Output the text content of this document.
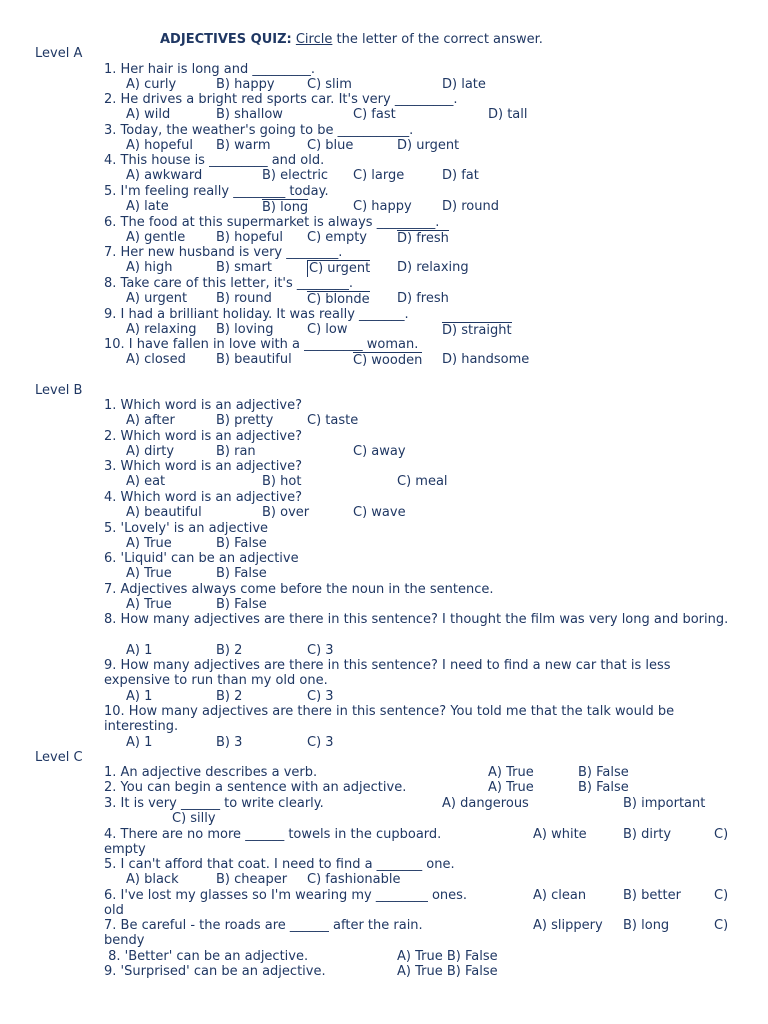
ADJECTIVES QUIZ: Circle the letter of the correct answer.
Level A
1. Her hair is long and _________.
A) curly	B) happy C) slim	D) late
2. He drives a bright red sports car. It's very _________.
A) wild	B) shallow	C) fast	D) tall
3. Today, the weather's going to be ___________.
A) hopeful B) warm	C) blue	D) urgent
4. This house is _________ and old.
A) awkward	B) electric C) large	D) fat
5. I'm feeling really ________ today.
A) late	B) long	C) happy D) round
6. The food at this supermarket is always _________.
A) gentle B) hopeful C) empty D) fresh
7. Her new husband is very ________.
A) high	B) smart	C) urgent D) relaxing
8. Take care of this letter, it's ________.
A) urgent B) round	C) blonde D) fresh
9. I had a brilliant holiday. It was really _______.
A) relaxing B) loving	C) low	D) straight
10. I have fallen in love with a _________ woman.
A) closed B) beautiful	C) wooden D) handsome
Level B
1. Which word is an adjective?
A) after	B) pretty	C) taste
2. Which word is an adjective?
A) dirty	B) ran	C) away
3. Which word is an adjective?
A) eat	B) hot	C) meal
4. Which word is an adjective?
A) beautiful	B) over	C) wave
5. 'Lovely' is an adjective
A) True	B) False
6. 'Liquid' can be an adjective
A) True	B) False
7. Adjectives always come before the noun in the sentence.
A) True	B) False
8. How many adjectives are there in this sentence? I thought the film was very long and boring.
A) 1	B) 2	C) 3
9. How many adjectives are there in this sentence? I need to find a new car that is less expensive to run than my old one.
A) 1	B) 2	C) 3
10. How many adjectives are there in this sentence? You told me that the talk would be interesting.
A) 1	B) 3	C) 3
Level C
1. An adjective describes a verb.	A) True	B) False
2. You can begin a sentence with an adjective.	A) True	B) False
3. It is very ______ to write clearly.	A) dangerous	B) important
C) silly
4. There are no more ______ towels in the cupboard.	A) white	B) dirty	C)
empty
5. I can't afford that coat. I need to find a _______ one.
A) black	B) cheaper C) fashionable
6. I've lost my glasses so I'm wearing my ________ ones.	A) clean	B) better	C)
old
7. Be careful - the roads are ______ after the rain.	A) slippery B) long	C)
bendy
8. 'Better' can be an adjective.	A) True B) False
9. 'Surprised' can be an adjective.	A) True B) False
